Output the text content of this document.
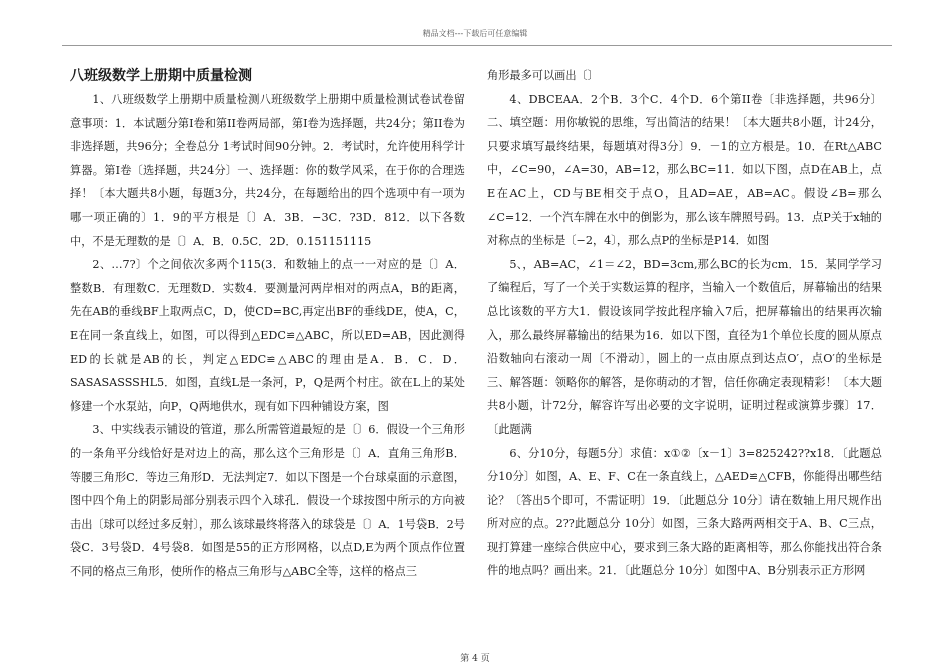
精品文档---下载后可任意编辑
八班级数学上册期中质量检测

1、八班级数学上册期中质量检测八班级数学上册期中质量检测试卷试卷留意事项：1．本试题分第I卷和第II卷两局部，第I卷为选择题，共24分；第II卷为非选择题，共96分；全卷总分 1考试时间90分钟。2．考试时，允许使用科学计算器。第I卷〔选择题，共24分〕一、选择题：你的数学风采，在于你的合理选择！〔本大题共8小题，每题3分，共24分，在每题给出的四个选项中有一项为哪一项正确的〕1．9的平方根是〔〕A．3B．−3C．?3D．812．以下各数中，不是无理数的是〔〕A．B．0.5C．2D．0.151151115

2、…7?〕个之间依次多两个115(3．和数轴上的点一一对应的是〔〕A．整数B．有理数C．无理数D．实数4．要测量河两岸相对的两点A，B的距离，先在AB的垂线BF上取两点C，D，使CD=BC,再定出BF的垂线DE，使A，C，E在同一条直线上，如图，可以得到△EDC≌△ABC，所以ED=AB，因此测得ED的长就是AB的长，判定△EDC≌△ABC的理由是A．B．C．D．SASASASSSHL5．如图，直线L是一条河，P，Q是两个村庄。欲在L上的某处修建一个水泵站，向P，Q两地供水，现有如下四种铺设方案，图

3、中实线表示铺设的管道，那么所需管道最短的是〔〕6．假设一个三角形的一条角平分线恰好是对边上的高，那么这个三角形是〔〕A．直角三角形B．等腰三角形C．等边三角形D．无法判定7．如以下图是一个台球桌面的示意图，图中四个角上的阴影局部分别表示四个入球孔．假设一个球按图中所示的方向被击出〔球可以经过多反射〕，那么该球最终将落入的球袋是〔〕A．1号袋B．2号袋C．3号袋D．4号袋8．如图是55的正方形网格，以点D,E为两个顶点作位置不同的格点三角形，使所作的格点三角形与△ABC全等，这样的格点三

角形最多可以画出〔〕

4、DBCEAA．2个B．3个C．4个D．6个第II卷〔非选择题，共96分〕二、填空题：用你敏锐的思维，写出简洁的结果！〔本大题共8小题，计24分，只要求填写最终结果，每题填对得3分〕9．－1的立方根是。10．在Rt△ABC中，∠C=90，∠A=30，AB=12，那么BC=11．如以下图，点D在AB上，点E在AC上，CD与BE相交于点O，且AD=AE，AB=AC。假设∠B=那么∠C=12．一个汽车牌在水中的倒影为，那么该车牌照号码。13．点P关于x轴的对称点的坐标是〔−2，4〕，那么点P的坐标是P14．如图

5、，AB=AC，∠1＝∠2，BD=3cm,那么BC的长为cm．15．某同学学习了编程后，写了一个关于实数运算的程序，当输入一个数值后，屏幕输出的结果总比该数的平方大1．假设该同学按此程序输入7后，把屏幕输出的结果再次输入，那么最终屏幕输出的结果为16．如以下图，直径为1个单位长度的圆从原点沿数轴向右滚动一周〔不滑动〕，圆上的一点由原点到达点O′，点O′的坐标是三、解答题：领略你的解答，是你萌动的才智，信任你确定表现精彩！〔本大题共8小题，计72分，解容许写出必要的文字说明，证明过程或演算步骤〕17．〔此题满

6、分10分，每题5分〕求值：x①②〔x－1〕3=825242??x18．〔此题总分10分〕如图，A、E、F、C在一条直线上，△AED≌△CFB，你能得出哪些结论？〔答出5个即可，不需证明〕19．〔此题总分 10分〕请在数轴上用尺规作出所对应的点。2??此题总分 10分〕如图，三条大路两两相交于A、B、C三点，现打算建一座综合供应中心，要求到三条大路的距离相等，那么你能找出符合条件的地点吗？画出来。21．〔此题总分 10分〕如图中A、B分别表示正方形网

第 4 页
